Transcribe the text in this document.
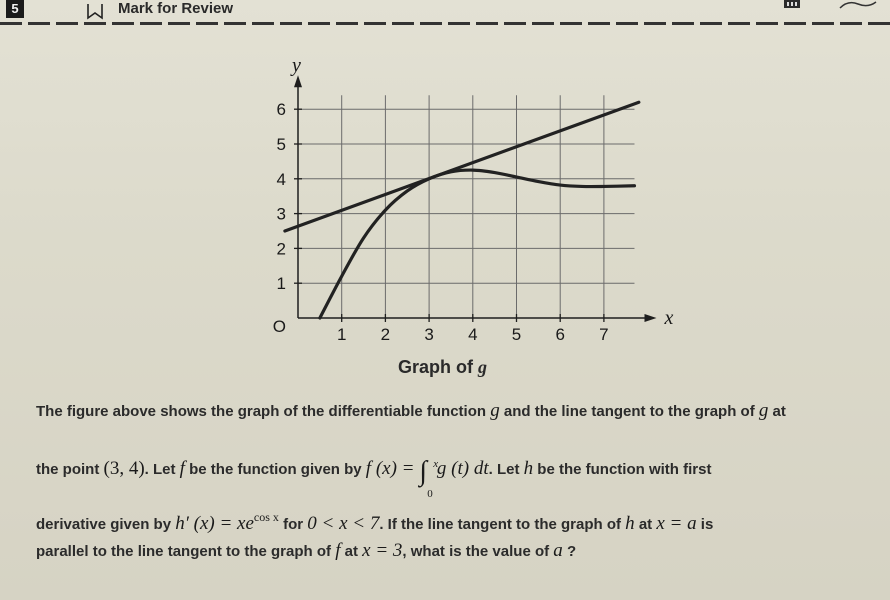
5	Mark for Review
1 2 3 4 5 6 7
1
2
3
4
5
6
O	x
y
Graph of g
The figure above shows the graph of the differentiable function g and the line tangent to the graph of g at
the point (3, 4). Let f be the function given by f (x) = ∫ x
0
g (t) dt. Let h be the function with first
derivative given by h′ $(x) = xe^{cos x}$ for 0 < x < 7. If the line tangent to the graph of h at x = a is
parallel to the line tangent to the graph of f at x = 3, what is the value of a ?
